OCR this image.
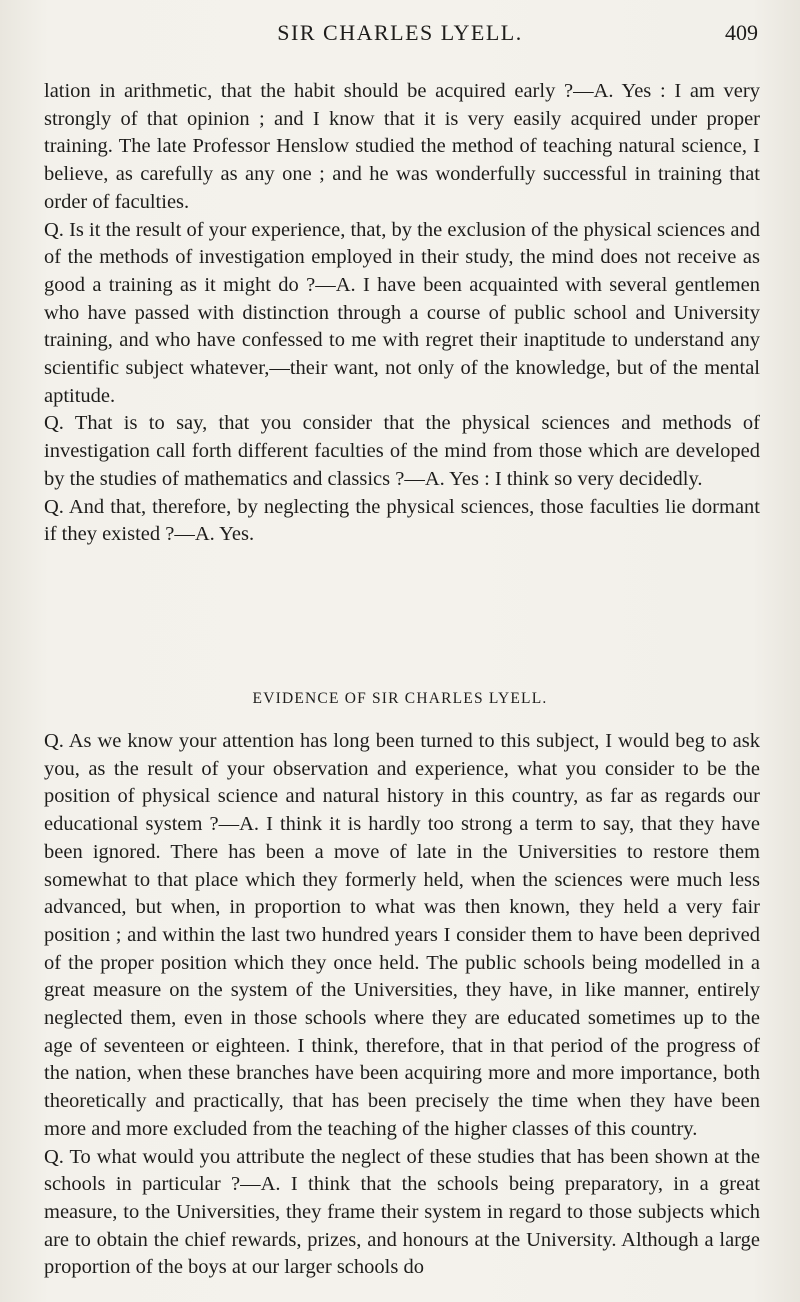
SIR CHARLES LYELL.	409

lation in arithmetic, that the habit should be acquired early ?—A. Yes : I am very strongly of that opinion ; and I know that it is very easily acquired under proper training. The late Professor Henslow studied the method of teaching natural science, I believe, as carefully as any one ; and he was wonderfully successful in training that order of faculties.

Q. Is it the result of your experience, that, by the exclusion of the physical sciences and of the methods of investigation employed in their study, the mind does not receive as good a training as it might do ?—A. I have been acquainted with several gentlemen who have passed with distinction through a course of public school and University training, and who have confessed to me with regret their inaptitude to understand any scientific subject whatever,—their want, not only of the knowledge, but of the mental aptitude.

Q. That is to say, that you consider that the physical sciences and methods of investigation call forth different faculties of the mind from those which are developed by the studies of mathematics and classics ?—A. Yes : I think so very decidedly.

Q. And that, therefore, by neglecting the physical sciences, those faculties lie dormant if they existed ?—A. Yes.

EVIDENCE OF SIR CHARLES LYELL.

Q. As we know your attention has long been turned to this subject, I would beg to ask you, as the result of your observation and experience, what you consider to be the position of physical science and natural history in this country, as far as regards our educational system ?—A. I think it is hardly too strong a term to say, that they have been ignored. There has been a move of late in the Universities to restore them somewhat to that place which they formerly held, when the sciences were much less advanced, but when, in proportion to what was then known, they held a very fair position ; and within the last two hundred years I consider them to have been deprived of the proper position which they once held. The public schools being modelled in a great measure on the system of the Universities, they have, in like manner, entirely neglected them, even in those schools where they are educated sometimes up to the age of seventeen or eighteen. I think, therefore, that in that period of the progress of the nation, when these branches have been acquiring more and more importance, both theoretically and practically, that has been precisely the time when they have been more and more excluded from the teaching of the higher classes of this country.

Q. To what would you attribute the neglect of these studies that has been shown at the schools in particular ?—A. I think that the schools being preparatory, in a great measure, to the Universities, they frame their system in regard to those subjects which are to obtain the chief rewards, prizes, and honours at the University. Although a large proportion of the boys at our larger schools do
